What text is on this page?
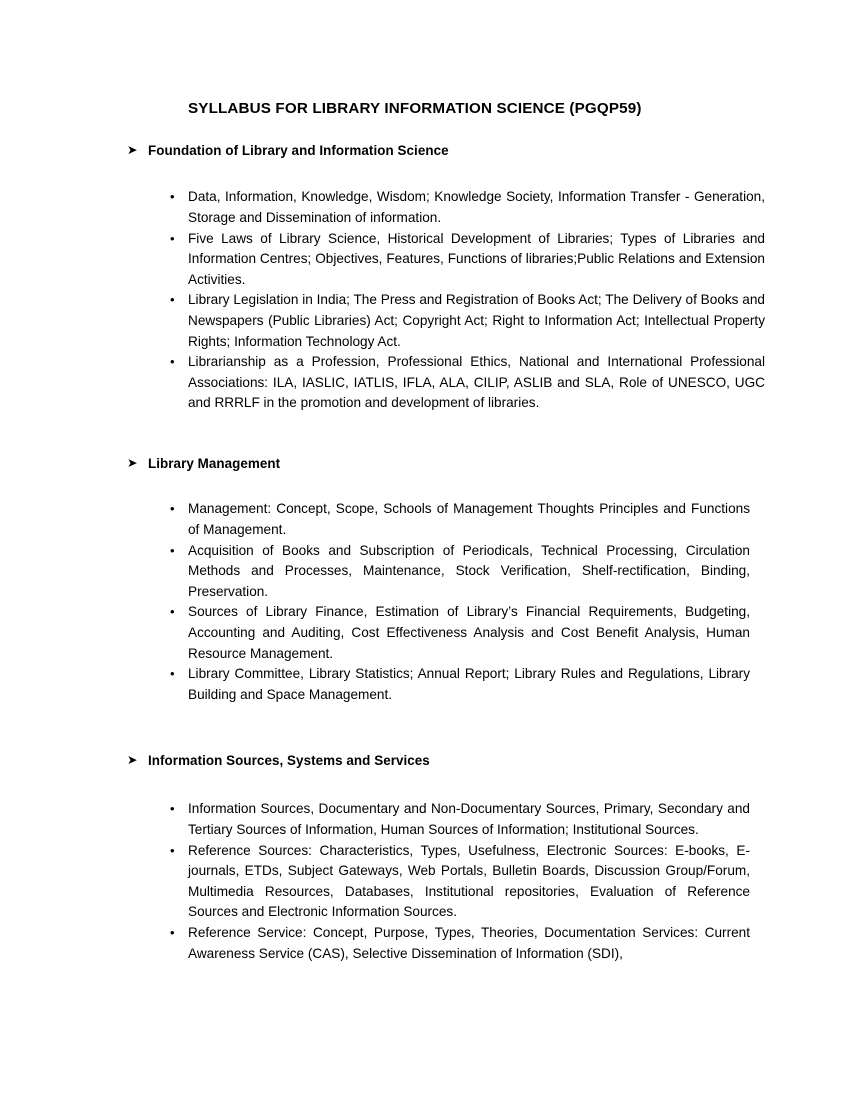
SYLLABUS FOR LIBRARY INFORMATION SCIENCE (PGQP59)
➤ Foundation of Library and Information Science
• Data, Information, Knowledge, Wisdom; Knowledge Society, Information Transfer - Generation, Storage and Dissemination of information.
• Five Laws of Library Science, Historical Development of Libraries; Types of Libraries and Information Centres; Objectives, Features, Functions of libraries;Public Relations and Extension Activities.
• Library Legislation in India; The Press and Registration of Books Act; The Delivery of Books and Newspapers (Public Libraries) Act; Copyright Act; Right to Information Act; Intellectual Property Rights; Information Technology Act.
• Librarianship as a Profession, Professional Ethics, National and International Professional Associations: ILA, IASLIC, IATLIS, IFLA, ALA, CILIP, ASLIB and SLA, Role of UNESCO, UGC and RRRLF in the promotion and development of libraries.
➤ Library Management
• Management: Concept, Scope, Schools of Management Thoughts Principles and Functions of Management.
• Acquisition of Books and Subscription of Periodicals, Technical Processing, Circulation Methods and Processes, Maintenance, Stock Verification, Shelf-rectification, Binding, Preservation.
• Sources of Library Finance, Estimation of Library’s Financial Requirements, Budgeting, Accounting and Auditing, Cost Effectiveness Analysis and Cost Benefit Analysis, Human Resource Management.
• Library Committee, Library Statistics; Annual Report; Library Rules and Regulations, Library Building and Space Management.
➤ Information Sources, Systems and Services
• Information Sources, Documentary and Non-Documentary Sources, Primary, Secondary and Tertiary Sources of Information, Human Sources of Information; Institutional Sources.
• Reference Sources: Characteristics, Types, Usefulness, Electronic Sources: E-books, E-journals, ETDs, Subject Gateways, Web Portals, Bulletin Boards, Discussion Group/Forum, Multimedia Resources, Databases, Institutional repositories, Evaluation of Reference Sources and Electronic Information Sources.
• Reference Service: Concept, Purpose, Types, Theories, Documentation Services: Current Awareness Service (CAS), Selective Dissemination of Information (SDI),
